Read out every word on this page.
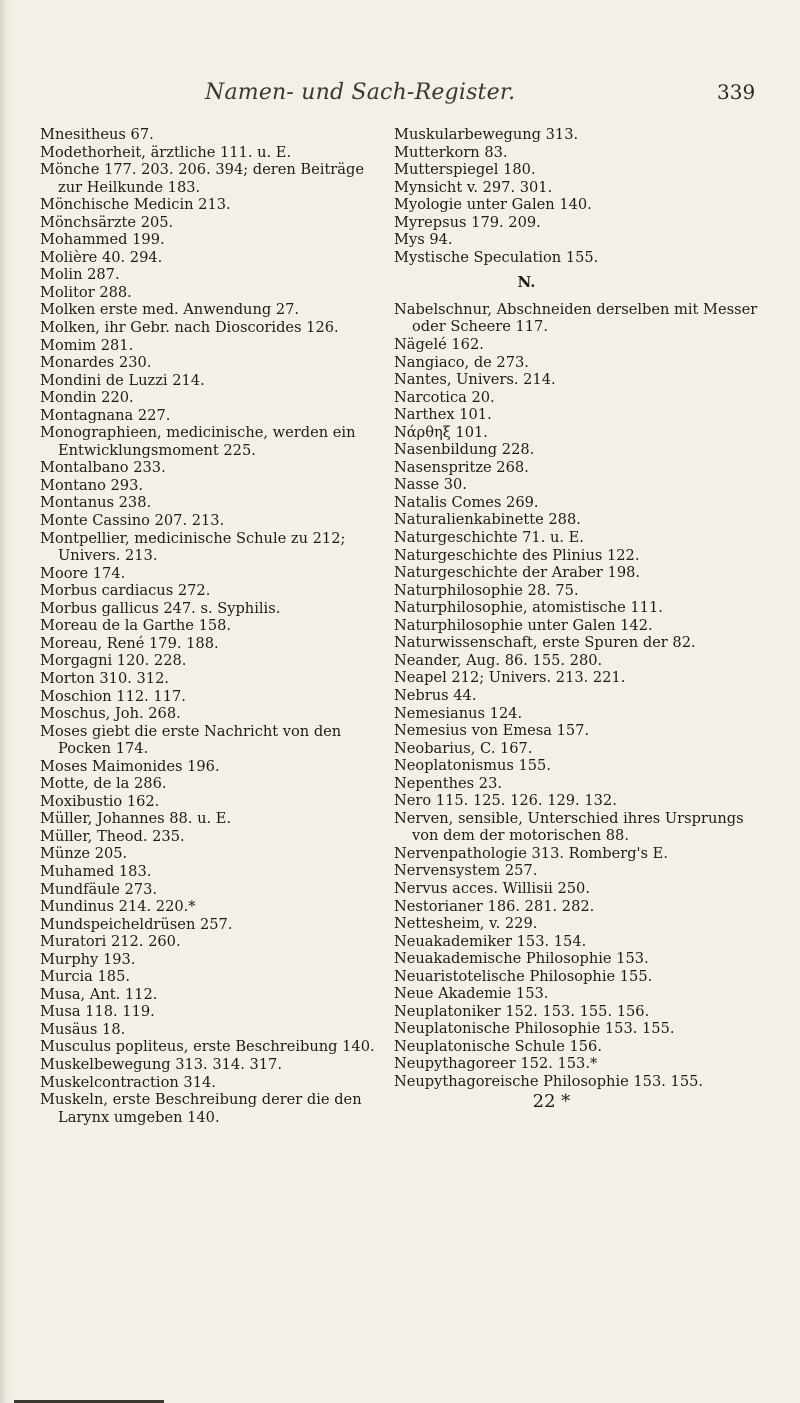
Namen- und Sach-Register.	339

Mnesitheus 67.

Modethorheit, ärztliche 111. u. E.

Mönche 177. 203. 206. 394; deren Beiträge zur Heilkunde 183.

Mönchische Medicin 213.

Mönchsärzte 205.

Mohammed 199.

Molière 40. 294.

Molin 287.

Molitor 288.

Molken erste med. Anwendung 27.

Molken, ihr Gebr. nach Dioscorides 126.

Momim 281.

Monardes 230.

Mondini de Luzzi 214.

Mondin 220.

Montagnana 227.

Monographieen, medicinische, werden ein Entwicklungsmoment 225.

Montalbano 233.

Montano 293.

Montanus 238.

Monte Cassino 207. 213.

Montpellier, medicinische Schule zu 212; Univers. 213.

Moore 174.

Morbus cardiacus 272.

Morbus gallicus 247. s. Syphilis.

Moreau de la Garthe 158.

Moreau, René 179. 188.

Morgagni 120. 228.

Morton 310. 312.

Moschion 112. 117.

Moschus, Joh. 268.

Moses giebt die erste Nachricht von den Pocken 174.

Moses Maimonides 196.

Motte, de la 286.

Moxibustio 162.

Müller, Johannes 88. u. E.

Müller, Theod. 235.

Münze 205.

Muhamed 183.

Mundfäule 273.

Mundinus 214. 220.*

Mundspeicheldrüsen 257.

Muratori 212. 260.

Murphy 193.

Murcia 185.

Musa, Ant. 112.

Musa 118. 119.

Musäus 18.

Musculus popliteus, erste Beschreibung 140.

Muskelbewegung 313. 314. 317.

Muskelcontraction 314.

Muskeln, erste Beschreibung derer die den Larynx umgeben 140.

Muskularbewegung 313.

Mutterkorn 83.

Mutterspiegel 180.

Mynsicht v. 297. 301.

Myologie unter Galen 140.

Myrepsus 179. 209.

Mys 94.

Mystische Speculation 155.

N.

Nabelschnur, Abschneiden derselben mit Messer oder Scheere 117.

Nägelé 162.

Nangiaco, de 273.

Nantes, Univers. 214.

Narcotica 20.

Narthex 101.

Νάρθηξ 101.

Nasenbildung 228.

Nasenspritze 268.

Nasse 30.

Natalis Comes 269.

Naturalienkabinette 288.

Naturgeschichte 71. u. E.

Naturgeschichte des Plinius 122.

Naturgeschichte der Araber 198.

Naturphilosophie 28. 75.

Naturphilosophie, atomistische 111.

Naturphilosophie unter Galen 142.

Naturwissenschaft, erste Spuren der 82.

Neander, Aug. 86. 155. 280.

Neapel 212; Univers. 213. 221.

Nebrus 44.

Nemesianus 124.

Nemesius von Emesa 157.

Neobarius, C. 167.

Neoplatonismus 155.

Nepenthes 23.

Nero 115. 125. 126. 129. 132.

Nerven, sensible, Unterschied ihres Ursprungs von dem der motorischen 88.

Nervenpathologie 313. Romberg's E.

Nervensystem 257.

Nervus acces. Willisii 250.

Nestorianer 186. 281. 282.

Nettesheim, v. 229.

Neuakademiker 153. 154.

Neuakademische Philosophie 153.

Neuaristotelische Philosophie 155.

Neue Akademie 153.

Neuplatoniker 152. 153. 155. 156.

Neuplatonische Philosophie 153. 155.

Neuplatonische Schule 156.

Neupythagoreer 152. 153.*

Neupythagoreische Philosophie 153. 155.

22 *
